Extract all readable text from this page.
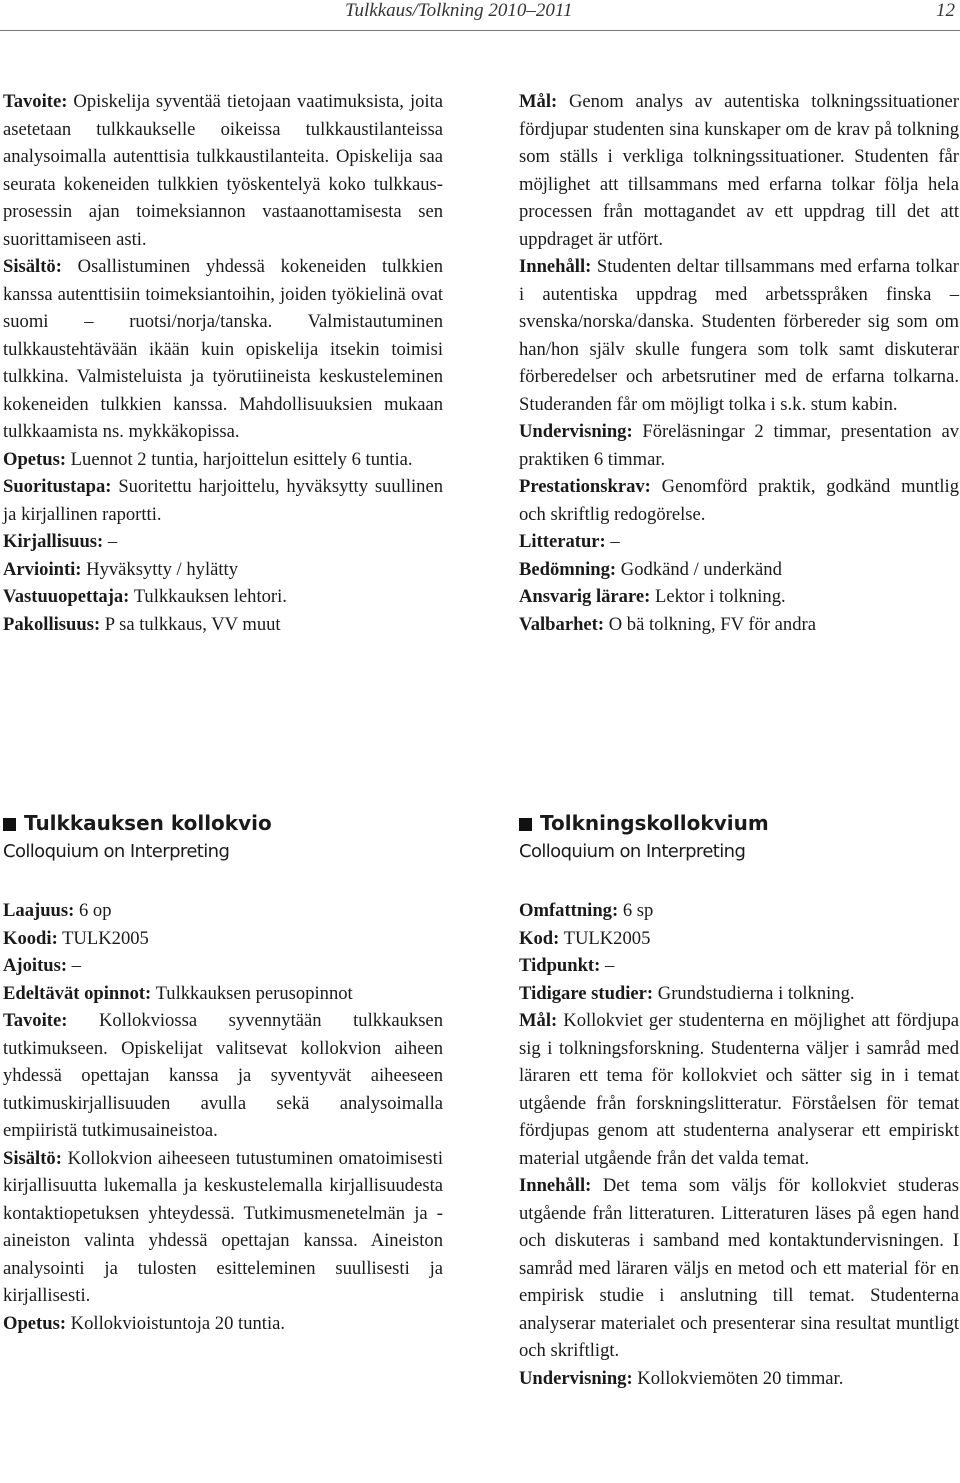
Tulkkaus/Tolkning 2010–2011	12

Tavoite: Opiskelija syventää tietojaan vaatimuksista, joita asetetaan tulkkaukselle oikeissa tulkkaustilanteissa analysoimalla autenttisia tulkkaustilanteita. Opiskelija saa seurata kokeneiden tulkkien työskentelyä koko tulkkausprosessin ajan toimeksiannon vastaanottamisesta sen suorittamiseen asti.

Sisältö: Osallistuminen yhdessä kokeneiden tulkkien kanssa autenttisiin toimeksiantoihin, joiden työkielinä ovat suomi – ruotsi/norja/​tanska. Valmistautuminen tulkkaustehtävään ikään kuin opiskelija itsekin toimisi tulkkina. Valmisteluista ja työrutiineista keskusteleminen kokeneiden tulkkien kanssa. Mahdollisuuksien mukaan tulkkaamista ns. mykkäkopissa.

Opetus: Luennot 2 tuntia, harjoittelun esittely 6 tuntia.

Suoritustapa: Suoritettu harjoittelu, hyväksytty suullinen ja kirjallinen raportti.

Kirjallisuus: –

Arviointi: Hyväksytty / hylätty

Vastuuopettaja: Tulkkauksen lehtori.

Pakollisuus: P sa tulkkaus, VV muut

Mål: Genom analys av autentiska tolkningssituationer fördjupar studenten sina kunskaper om de krav på tolkning som ställs i verkliga tolkningssituationer. Studenten får möjlighet att tillsammans med erfarna tolkar följa hela processen från mottagandet av ett uppdrag till det att uppdraget är utfört.

Innehåll: Studenten deltar tillsammans med erfarna tolkar i autentiska uppdrag med arbetsspråken finska – svenska/norska/danska. Studenten förbereder sig som om han/​hon själv skulle fungera som tolk samt diskuterar förberedelser och arbetsrutiner med de erfarna tolkarna. Studeranden får om möjligt tolka i s.k. stum kabin.

Undervisning: Föreläsningar 2 timmar, presentation av praktiken 6 timmar.

Prestationskrav: Genomförd praktik, godkänd muntlig och skriftlig redogörelse.

Litteratur: –

Bedömning: Godkänd / underkänd

Ansvarig lärare: Lektor i tolkning.

Valbarhet: O bä tolkning, FV för andra

Tulkkauksen kollokvio
Colloquium on Interpreting
Tolkningskollokvium
Colloquium on Interpreting

Laajuus: 6 op

Koodi: TULK2005

Ajoitus: –

Edeltävät opinnot: Tulkkauksen perusopinnot

Tavoite: Kollokviossa syvennytään tulkkauksen tutkimukseen. Opiskelijat valitsevat kollokvion aiheen yhdessä opettajan kanssa ja syventyvät aiheeseen tutkimuskirjallisuuden avulla sekä analysoimalla empiiristä tutkimusaineistoa.

Sisältö: Kollokvion aiheeseen tutustuminen omatoimisesti kirjallisuutta lukemalla ja keskustelemalla kirjallisuudesta kontaktiopetuksen yhteydessä. Tutkimusmenetelmän ja -aineiston valinta yhdessä opettajan kanssa. Aineiston analysointi ja tulosten esitteleminen suullisesti ja kirjallisesti.

Opetus: Kollokvioistuntoja 20 tuntia.

Omfattning: 6 sp

Kod: TULK2005

Tidpunkt: –

Tidigare studier: Grundstudierna i tolkning.

Mål: Kollokviet ger studenterna en möjlighet att fördjupa sig i tolkningsforskning. Studenterna väljer i samråd med läraren ett tema för kollokviet och sätter sig in i temat utgående från forskningslitteratur. Förståelsen för temat fördjupas genom att studenterna analyserar ett empiriskt material utgående från det valda temat.

Innehåll: Det tema som väljs för kollokviet studeras utgående från litteraturen. Litteraturen läses på egen hand och diskuteras i samband med kontaktundervisningen. I samråd med läraren väljs en metod och ett material för en empirisk studie i anslutning till temat. Studenterna analyserar materialet och presenterar sina resultat muntligt och skriftligt.

Undervisning: Kollokviemöten 20 timmar.
